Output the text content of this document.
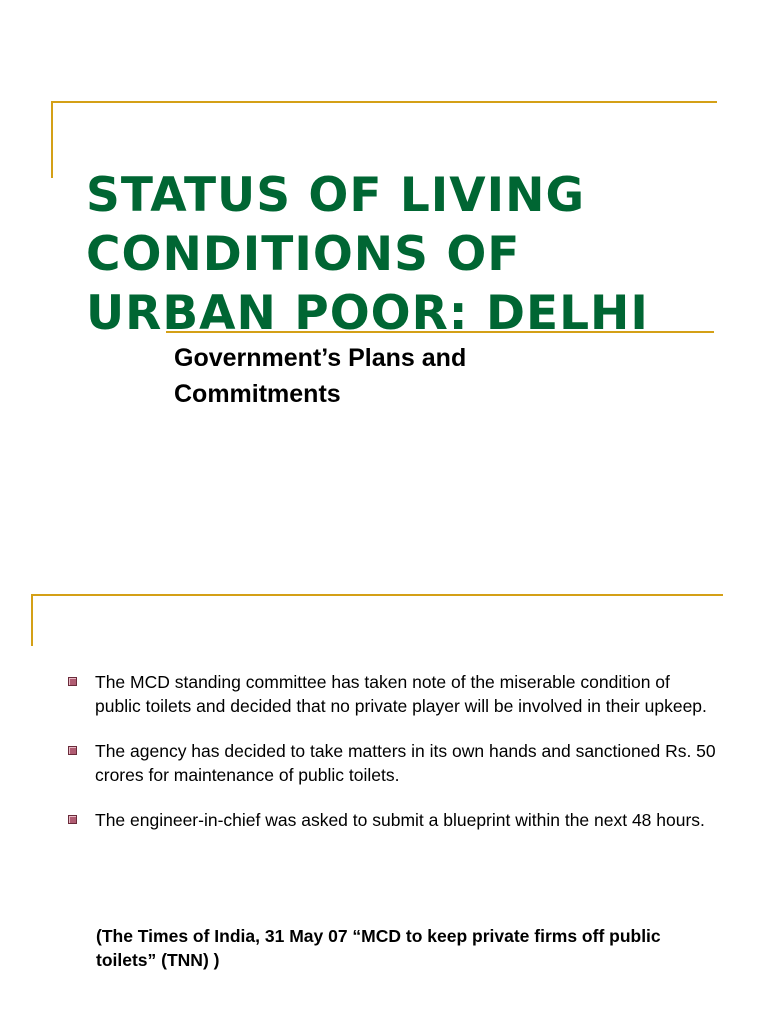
STATUS OF LIVING
CONDITIONS OF
URBAN POOR: DELHI
Government’s Plans and
Commitments
The MCD standing committee has taken note of the miserable condition of public toilets and decided that no private player will be involved in their upkeep.
The agency has decided to take matters in its own hands and sanctioned Rs. 50 crores for maintenance of public toilets.
The engineer-in-chief was asked to submit a blueprint within the next 48 hours.

(The Times of India, 31 May 07 “MCD to keep private firms off public toilets” (TNN) )
